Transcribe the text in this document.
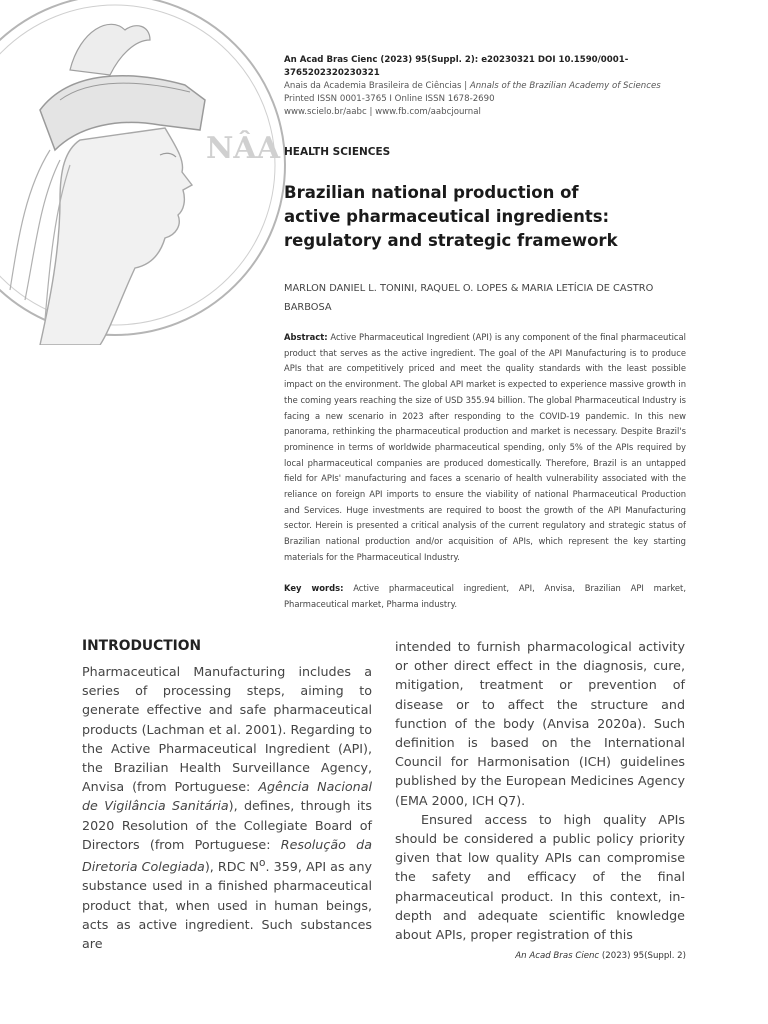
NÂA
An Acad Bras Cienc (2023) 95(Suppl. 2): e20230321 DOI 10.1590/0001-3765202320230321
Anais da Academia Brasileira de Ciências | Annals of the Brazilian Academy of Sciences
Printed ISSN 0001-3765 I Online ISSN 1678-2690
www.scielo.br/aabc | www.fb.com/aabcjournal
HEALTH SCIENCES
Brazilian national production of
active pharmaceutical ingredients:
regulatory and strategic framework
MARLON DANIEL L. TONINI, RAQUEL O. LOPES & MARIA LETÍCIA DE CASTRO BARBOSA

Abstract: Active Pharmaceutical Ingredient (API) is any component of the final pharmaceutical product that serves as the active ingredient. The goal of the API Manufacturing is to produce APIs that are competitively priced and meet the quality standards with the least possible impact on the environment. The global API market is expected to experience massive growth in the coming years reaching the size of USD 355.94 billion. The global Pharmaceutical Industry is facing a new scenario in 2023 after responding to the COVID-19 pandemic. In this new panorama, rethinking the pharmaceutical production and market is necessary. Despite Brazil's prominence in terms of worldwide pharmaceutical spending, only 5% of the APIs required by local pharmaceutical companies are produced domestically. Therefore, Brazil is an untapped field for APIs' manufacturing and faces a scenario of health vulnerability associated with the reliance on foreign API imports to ensure the viability of national Pharmaceutical Production and Services. Huge investments are required to boost the growth of the API Manufacturing sector. Herein is presented a critical analysis of the current regulatory and strategic status of Brazilian national production and/or acquisition of APIs, which represent the key starting materials for the Pharmaceutical Industry.

Key words: Active pharmaceutical ingredient, API, Anvisa, Brazilian API market, Pharmaceutical market, Pharma industry.

INTRODUCTION

Pharmaceutical Manufacturing includes a series of processing steps, aiming to generate effective and safe pharmaceutical products (Lachman et al. 2001). Regarding to the Active Pharmaceutical Ingredient (API), the Brazilian Health Surveillance Agency, Anvisa (from Portuguese: Agência Nacional de Vigilância Sanitária), defines, through its 2020 Resolution of the Collegiate Board of Directors (from Portuguese: Resolução da Diretoria Colegiada), RDC $N^o$. 359, API as any substance used in a finished pharmaceutical product that, when used in human beings, acts as active ingredient. Such substances are

intended to furnish pharmacological activity or other direct effect in the diagnosis, cure, mitigation, treatment or prevention of disease or to affect the structure and function of the body (Anvisa 2020a). Such definition is based on the International Council for Harmonisation (ICH) guidelines published by the European Medicines Agency (EMA 2000, ICH Q7).

Ensured access to high quality APIs should be considered a public policy priority given that low quality APIs can compromise the safety and efficacy of the final pharmaceutical product. In this context, in-depth and adequate scientific knowledge about APIs, proper registration of this

An Acad Bras Cienc (2023) 95(Suppl. 2)
